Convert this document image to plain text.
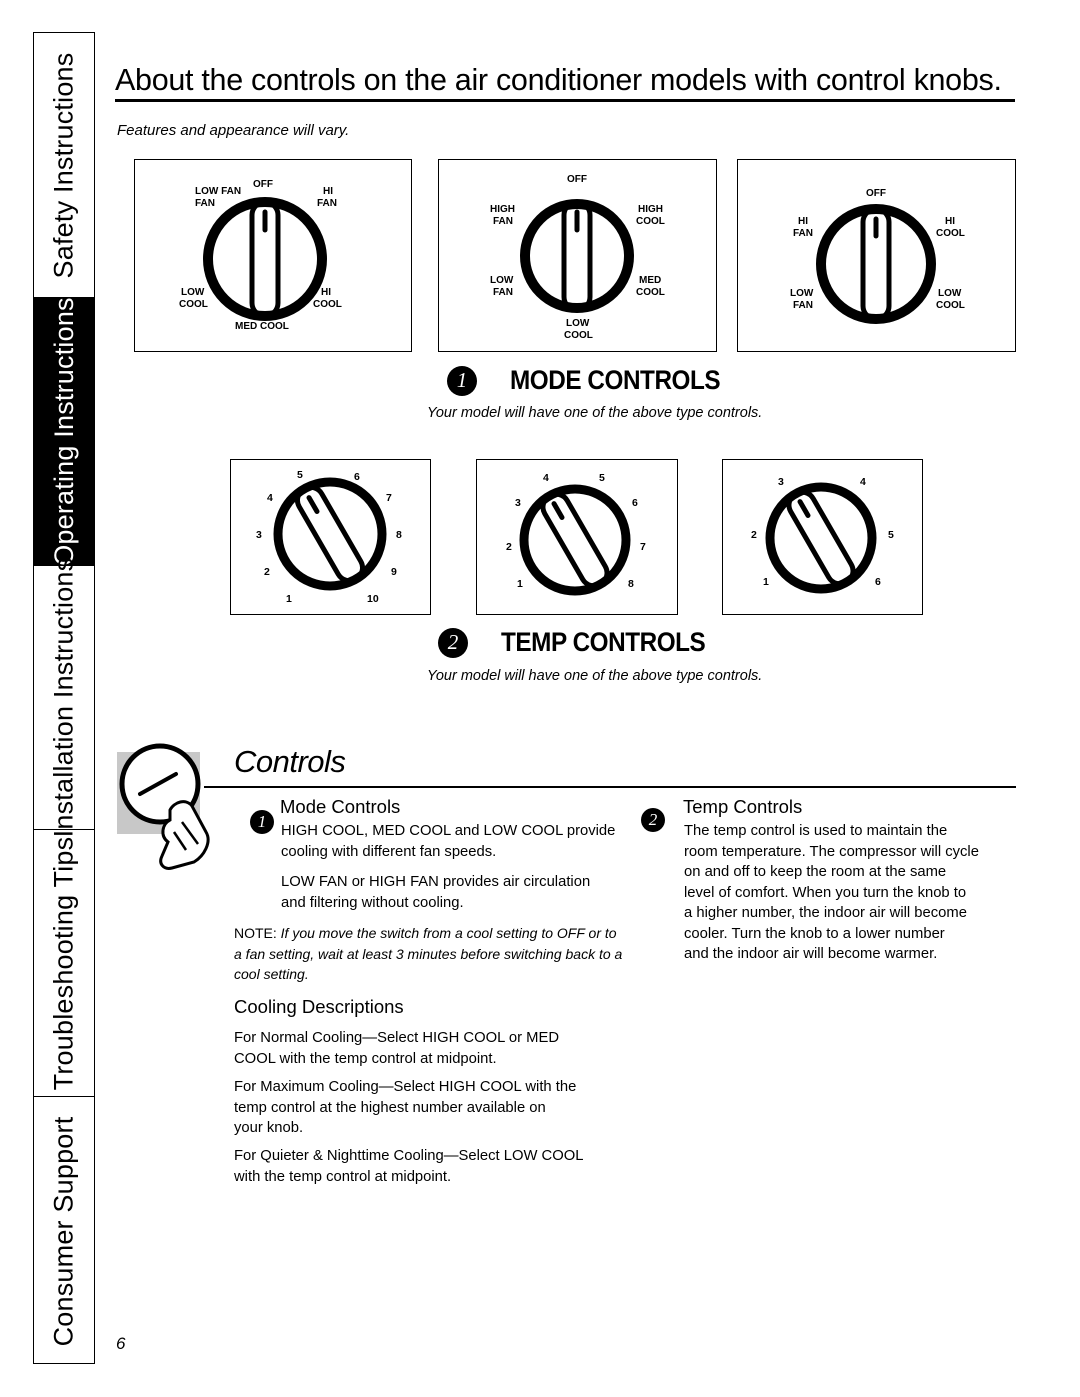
Safety Instructions
Operating Instructions
Installation Instructions
Troubleshooting Tips
Consumer Support
About the controls on the air conditioner models with control knobs.
Features and appearance will vary.
LOW FAN
FAN
OFF
HI
FAN
LOW
COOL
HI
COOL
MED COOL
OFF
HIGH
FAN
HIGH
COOL
LOW
FAN
MED
COOL
LOW
COOL
OFF
HI
FAN
HI
COOL
LOW
FAN
LOW
COOL
1	MODE CONTROLS
Your model will have one of the above type controls.
5	6
4	7
3	8
2	9
1	10
4	5
3	6
2	7
1	8
3	4
2	5
1	6
2	TEMP CONTROLS
Your model will have one of the above type controls.
Controls
1
Mode Controls
HIGH COOL, MED COOL and LOW COOL provide
cooling with different fan speeds.
LOW FAN or HIGH FAN provides air circulation
and filtering without cooling.
NOTE: If you move the switch from a cool setting to OFF or to a fan setting, wait at least 3 minutes before switching back to a cool setting.
Cooling Descriptions
For Normal Cooling—Select HIGH COOL or MED
COOL with the temp control at midpoint.
For Maximum Cooling—Select HIGH COOL with the
temp control at the highest number available on
your knob.
For Quieter & Nighttime Cooling—Select LOW COOL
with the temp control at midpoint.
2
Temp Controls
The temp control is used to maintain the
room temperature. The compressor will cycle
on and off to keep the room at the same
level of comfort. When you turn the knob to
a higher number, the indoor air will become
cooler. Turn the knob to a lower number
and the indoor air will become warmer.
6
